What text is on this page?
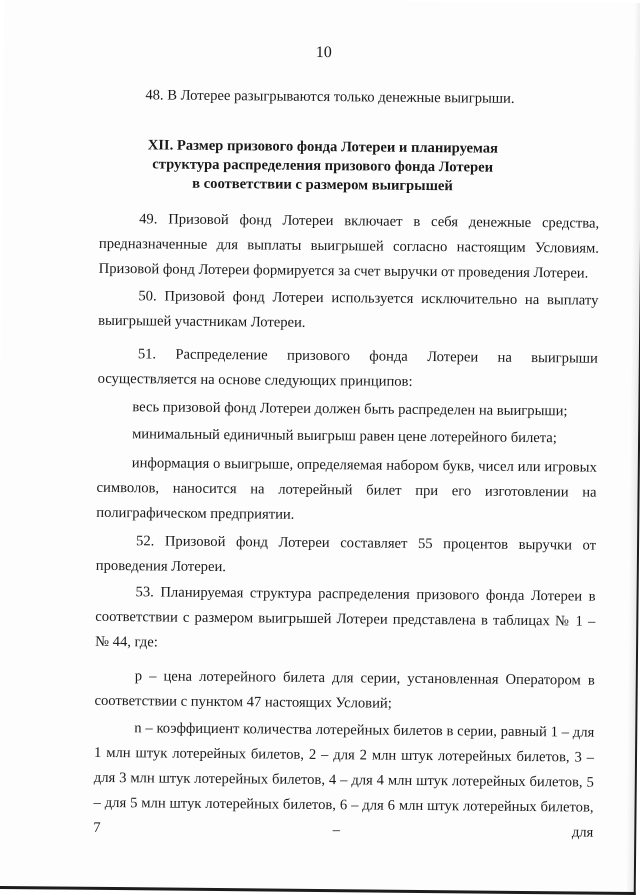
10
48. В Лотерее разыгрываются только денежные выигрыши.
XII. Размер призового фонда Лотереи и планируемая
структура распределения призового фонда Лотереи
в соответствии с размером выигрышей
49. Призовой фонд Лотереи включает в себя денежные средства, предназначенные для выплаты выигрышей согласно настоящим Условиям. Призовой фонд Лотереи формируется за счет выручки от проведения Лотереи.
50. Призовой фонд Лотереи используется исключительно на выплату выигрышей участникам Лотереи.
51. Распределение призового фонда Лотереи на выигрыши осуществляется на основе следующих принципов:
весь призовой фонд Лотереи должен быть распределен на выигрыши;
минимальный единичный выигрыш равен цене лотерейного билета;
информация о выигрыше, определяемая набором букв, чисел или игровых символов, наносится на лотерейный билет при его изготовлении на полиграфическом предприятии.
52. Призовой фонд Лотереи составляет 55 процентов выручки от проведения Лотереи.
53. Планируемая структура распределения призового фонда Лотереи в соответствии с размером выигрышей Лотереи представлена в таблицах № 1 – № 44, где:
р – цена лотерейного билета для серии, установленная Оператором в соответствии с пунктом 47 настоящих Условий;
n – коэффициент количества лотерейных билетов в серии, равный 1 – для 1 млн штук лотерейных билетов, 2 – для 2 млн штук лотерейных билетов, 3 – для 3 млн штук лотерейных билетов, 4 – для 4 млн штук лотерейных билетов, 5 – для 5 млн штук лотерейных билетов, 6 – для 6 млн штук лотерейных билетов, 7 – для
